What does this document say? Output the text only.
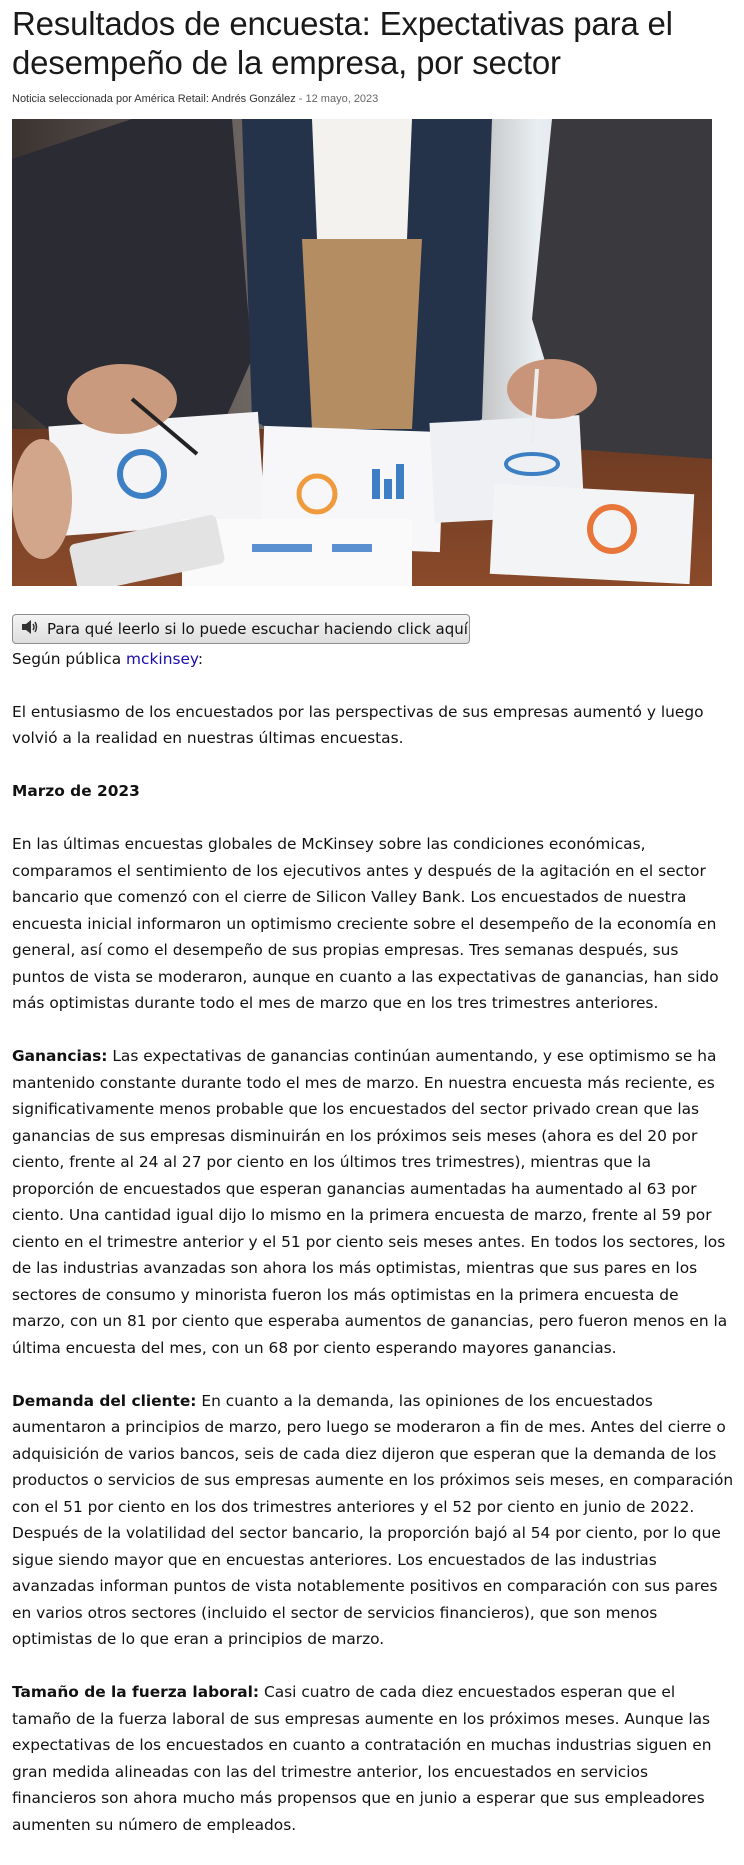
Resultados de encuesta: Expectativas para el desempeño de la empresa, por sector
Noticia seleccionada por América Retail: Andrés González - 12 mayo, 2023
Para qué leerlo si lo puede escuchar haciendo click aquí

Según pública mckinsey:

El entusiasmo de los encuestados por las perspectivas de sus empresas aumentó y luego volvió a la realidad en nuestras últimas encuestas.

Marzo de 2023

En las últimas encuestas globales de McKinsey sobre las condiciones económicas, comparamos el sentimiento de los ejecutivos antes y después de la agitación en el sector bancario que comenzó con el cierre de Silicon Valley Bank. Los encuestados de nuestra encuesta inicial informaron un optimismo creciente sobre el desempeño de la economía en general, así como el desempeño de sus propias empresas. Tres semanas después, sus puntos de vista se moderaron, aunque en cuanto a las expectativas de ganancias, han sido más optimistas durante todo el mes de marzo que en los tres trimestres anteriores.

Ganancias: Las expectativas de ganancias continúan aumentando, y ese optimismo se ha mantenido constante durante todo el mes de marzo. En nuestra encuesta más reciente, es significativamente menos probable que los encuestados del sector privado crean que las ganancias de sus empresas disminuirán en los próximos seis meses (ahora es del 20 por ciento, frente al 24 al 27 por ciento en los últimos tres trimestres), mientras que la proporción de encuestados que esperan ganancias aumentadas ha aumentado al 63 por ciento. Una cantidad igual dijo lo mismo en la primera encuesta de marzo, frente al 59 por ciento en el trimestre anterior y el 51 por ciento seis meses antes. En todos los sectores, los de las industrias avanzadas son ahora los más optimistas, mientras que sus pares en los sectores de consumo y minorista fueron los más optimistas en la primera encuesta de marzo, con un 81 por ciento que esperaba aumentos de ganancias, pero fueron menos en la última encuesta del mes, con un 68 por ciento esperando mayores ganancias.

Demanda del cliente: En cuanto a la demanda, las opiniones de los encuestados aumentaron a principios de marzo, pero luego se moderaron a fin de mes. Antes del cierre o adquisición de varios bancos, seis de cada diez dijeron que esperan que la demanda de los productos o servicios de sus empresas aumente en los próximos seis meses, en comparación con el 51 por ciento en los dos trimestres anteriores y el 52 por ciento en junio de 2022. Después de la volatilidad del sector bancario, la proporción bajó al 54 por ciento, por lo que sigue siendo mayor que en encuestas anteriores. Los encuestados de las industrias avanzadas informan puntos de vista notablemente positivos en comparación con sus pares en varios otros sectores (incluido el sector de servicios financieros), que son menos optimistas de lo que eran a principios de marzo.

Tamaño de la fuerza laboral: Casi cuatro de cada diez encuestados esperan que el tamaño de la fuerza laboral de sus empresas aumente en los próximos meses. Aunque las expectativas de los encuestados en cuanto a contratación en muchas industrias siguen en gran medida alineadas con las del trimestre anterior, los encuestados en servicios financieros son ahora mucho más propensos que en junio a esperar que sus empleadores aumenten su número de empleados.
